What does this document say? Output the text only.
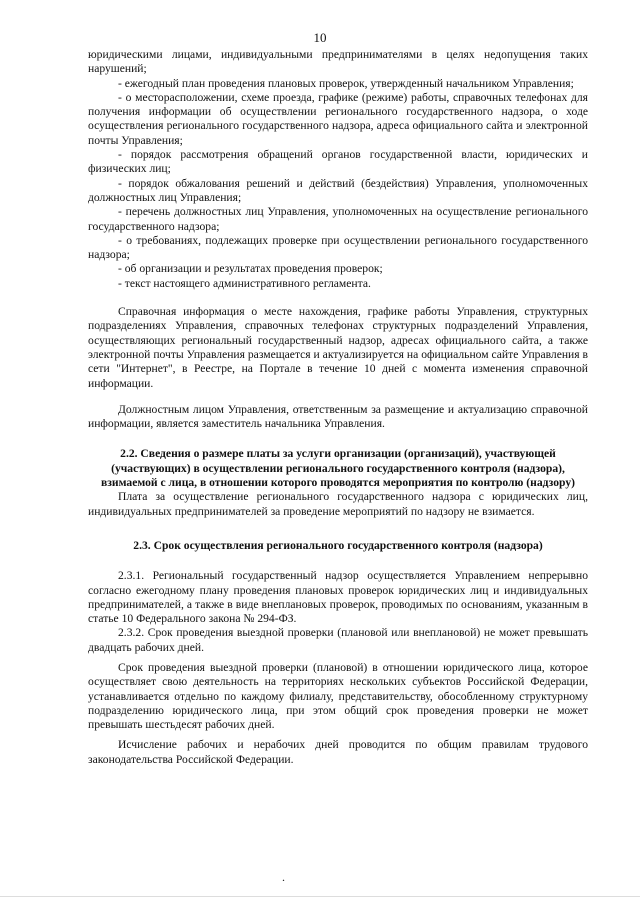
10

юридическими лицами, индивидуальными предпринимателями в целях недопущения таких нарушений;

- ежегодный план проведения плановых проверок, утвержденный начальником Управления;

- о месторасположении, схеме проезда, графике (режиме) работы, справочных телефонах для получения информации об осуществлении регионального государственного надзора, о ходе осуществления регионального государственного надзора, адреса официального сайта и электронной почты Управления;

- порядок рассмотрения обращений органов государственной власти, юридических и физических лиц;

- порядок обжалования решений и действий (бездействия) Управления, уполномоченных должностных лиц Управления;

- перечень должностных лиц Управления, уполномоченных на осуществление регионального государственного надзора;

- о требованиях, подлежащих проверке при осуществлении регионального государственного надзора;

- об организации и результатах проведения проверок;

- текст настоящего административного регламента.

Справочная информация о месте нахождения, графике работы Управления, структурных подразделениях Управления, справочных телефонах структурных подразделений Управления, осуществляющих региональный государственный надзор, адресах официального сайта, а также электронной почты Управления размещается и актуализируется на официальном сайте Управления в сети "Интернет", в Реестре, на Портале в течение 10 дней с момента изменения справочной информации.

Должностным лицом Управления, ответственным за размещение и актуализацию справочной информации, является заместитель начальника Управления.

2.2. Сведения о размере платы за услуги организации (организаций), участвующей (участвующих) в осуществлении регионального государственного контроля (надзора), взимаемой с лица, в отношении которого проводятся мероприятия по контролю (надзору)

Плата за осуществление регионального государственного надзора с юридических лиц, индивидуальных предпринимателей за проведение мероприятий по надзору не взимается.

2.3. Срок осуществления регионального государственного контроля (надзора)

2.3.1. Региональный государственный надзор осуществляется Управлением непрерывно согласно ежегодному плану проведения плановых проверок юридических лиц и индивидуальных предпринимателей, а также в виде внеплановых проверок, проводимых по основаниям, указанным в статье 10 Федерального закона № 294-ФЗ.

2.3.2. Срок проведения выездной проверки (плановой или внеплановой) не может превышать двадцать рабочих дней.

Срок проведения выездной проверки (плановой) в отношении юридического лица, которое осуществляет свою деятельность на территориях нескольких субъектов Российской Федерации, устанавливается отдельно по каждому филиалу, представительству, обособленному структурному подразделению юридического лица, при этом общий срок проведения проверки не может превышать шестьдесят рабочих дней.

Исчисление рабочих и нерабочих дней проводится по общим правилам трудового законодательства Российской Федерации.

.
